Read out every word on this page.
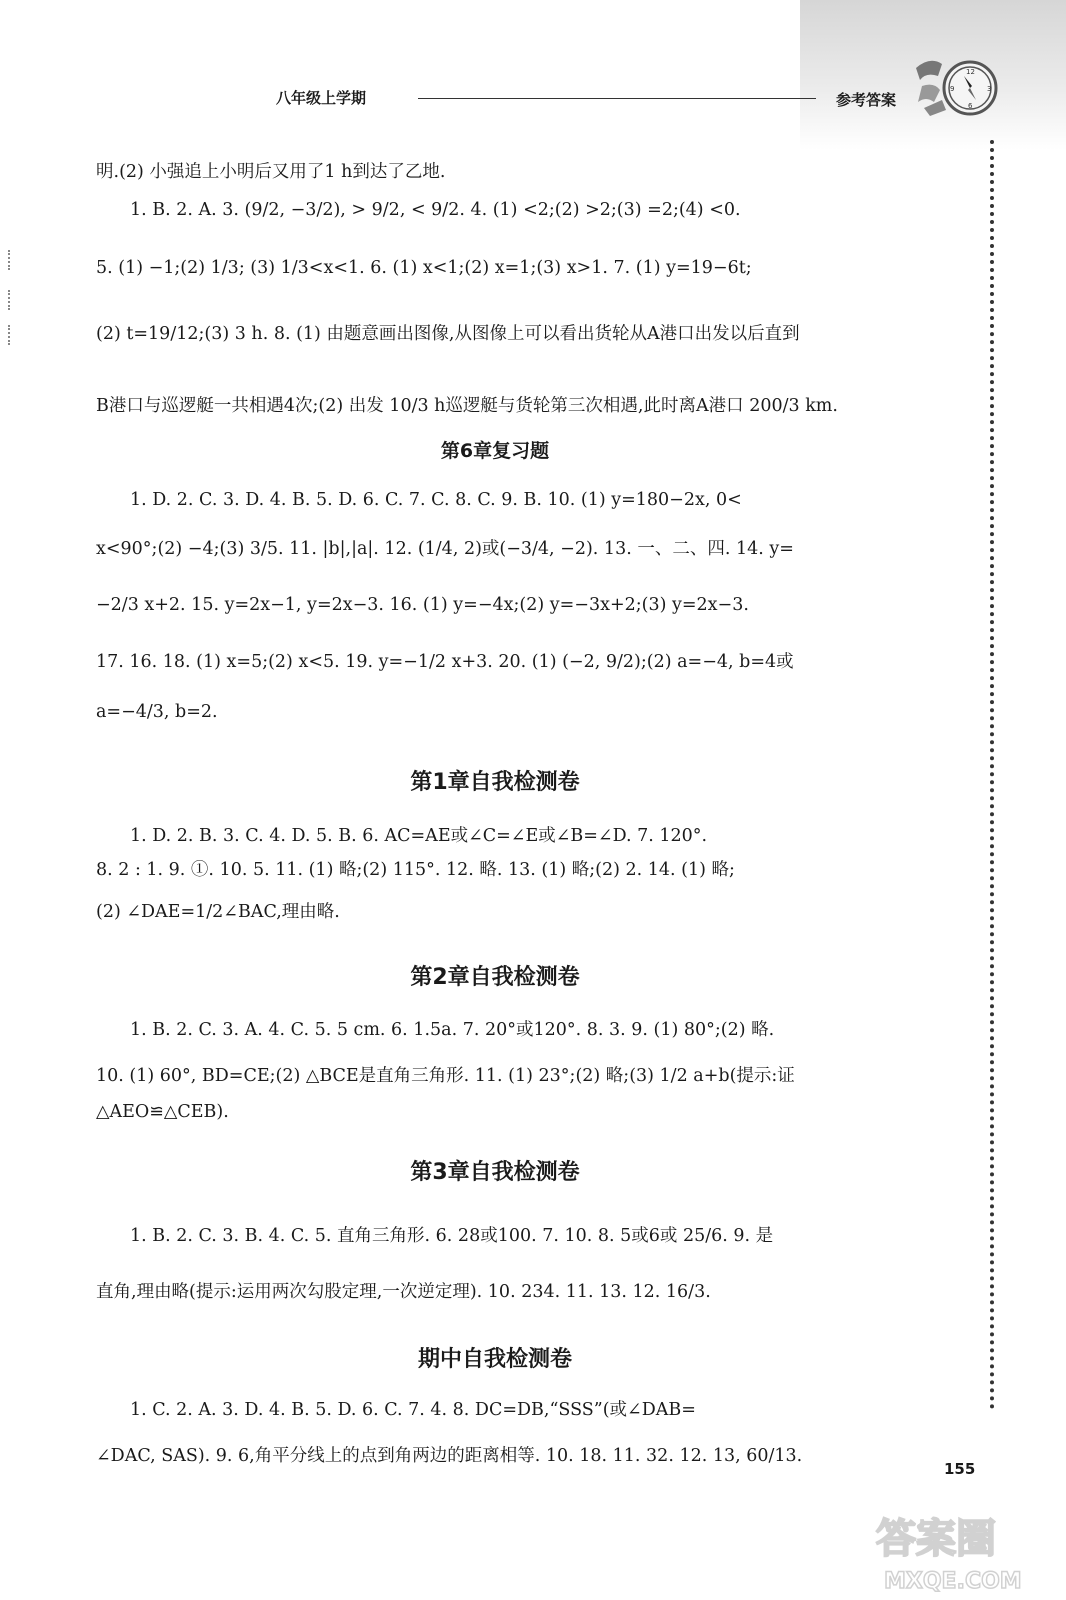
八年级上学期	参考答案
12
3
6
9
明.(2) 小强追上小明后又用了1 h到达了乙地.
1. B. 2. A. 3. (9/2, −3/2), > 9/2, < 9/2. 4. (1) <2;(2) >2;(3) =2;(4) <0.
5. (1) −1;(2) 1/3; (3) 1/3<x<1. 6. (1) x<1;(2) x=1;(3) x>1. 7. (1) y=19−6t;
(2) t=19/12;(3) 3 h. 8. (1) 由题意画出图像,从图像上可以看出货轮从A港口出发以后直到
B港口与巡逻艇一共相遇4次;(2) 出发 10/3 h巡逻艇与货轮第三次相遇,此时离A港口 200/3 km.
第6章复习题
1. D. 2. C. 3. D. 4. B. 5. D. 6. C. 7. C. 8. C. 9. B. 10. (1) y=180−2x, 0<
x<90°;(2) −4;(3) 3/5. 11. |b|,|a|. 12. (1/4, 2)或(−3/4, −2). 13. 一、二、四. 14. y=
−2/3 x+2. 15. y=2x−1, y=2x−3. 16. (1) y=−4x;(2) y=−3x+2;(3) y=2x−3.
17. 16. 18. (1) x=5;(2) x<5. 19. y=−1/2 x+3. 20. (1) (−2, 9/2);(2) a=−4, b=4或
a=−4/3, b=2.
第1章自我检测卷
1. D. 2. B. 3. C. 4. D. 5. B. 6. AC=AE或∠C=∠E或∠B=∠D. 7. 120°.
8. 2 : 1. 9. ①. 10. 5. 11. (1) 略;(2) 115°. 12. 略. 13. (1) 略;(2) 2. 14. (1) 略;
(2) ∠DAE=1/2∠BAC,理由略.
第2章自我检测卷
1. B. 2. C. 3. A. 4. C. 5. 5 cm. 6. 1.5a. 7. 20°或120°. 8. 3. 9. (1) 80°;(2) 略.
10. (1) 60°, BD=CE;(2) △BCE是直角三角形. 11. (1) 23°;(2) 略;(3) 1/2 a+b(提示:证
△AEO≌△CEB).
第3章自我检测卷
1. B. 2. C. 3. B. 4. C. 5. 直角三角形. 6. 28或100. 7. 10. 8. 5或6或 25/6. 9. 是
直角,理由略(提示:运用两次勾股定理,一次逆定理). 10. 234. 11. 13. 12. 16/3.
期中自我检测卷
1. C. 2. A. 3. D. 4. B. 5. D. 6. C. 7. 4. 8. DC=DB,“SSS”(或∠DAB=
∠DAC, SAS). 9. 6,角平分线上的点到角两边的距离相等. 10. 18. 11. 32. 12. 13, 60/13.
155
答案圈
MXQE.COM
